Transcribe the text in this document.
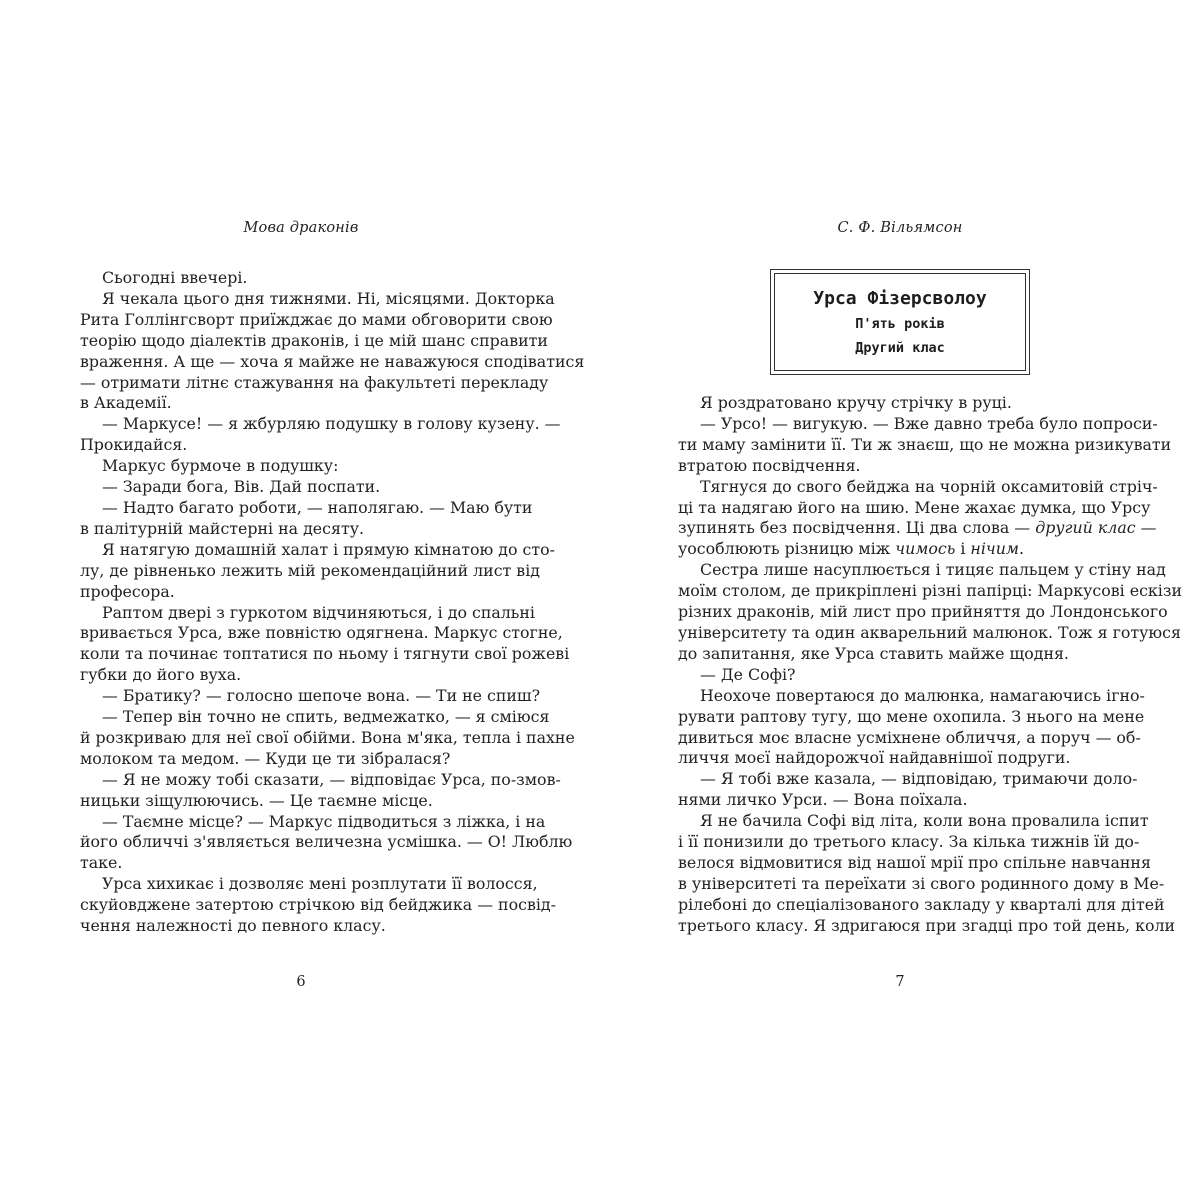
Мова драконів

Сьогодні ввечері.

Я чекала цього дня тижнями. Ні, місяцями. Докторка
Рита Голлінгсворт приїжджає до мами обговорити свою
теорію щодо діалектів драконів, і це мій шанс справити
враження. А ще — хоча я майже не наважуюся сподіватися
— отримати літнє стажування на факультеті перекладу
в Академії.

— Маркусе! — я жбурляю подушку в голову кузену. —
Прокидайся.

Маркус бурмоче в подушку:

— Заради бога, Вів. Дай поспати.

— Надто багато роботи, — наполягаю. — Маю бути
в палітурній майстерні на десяту.

Я натягую домашній халат і прямую кімнатою до сто-
лу, де рівненько лежить мій рекомендаційний лист від
професора.

Раптом двері з гуркотом відчиняються, і до спальні
вривається Урса, вже повністю одягнена. Маркус стогне,
коли та починає топтатися по ньому і тягнути свої рожеві
губки до його вуха.

— Братику? — голосно шепоче вона. — Ти не спиш?

— Тепер він точно не спить, ведмежатко, — я сміюся
й розкриваю для неї свої обійми. Вона м'яка, тепла і пахне
молоком та медом. — Куди це ти зібралася?

— Я не можу тобі сказати, — відповідає Урса, по-змов-
ницьки зіщулюючись. — Це таємне місце.

— Таємне місце? — Маркус підводиться з ліжка, і на
його обличчі з'являється величезна усмішка. — О! Люблю
таке.

Урса хихикає і дозволяє мені розплутати її волосся,
скуйовджене затертою стрічкою від бейджика — посвід-
чення належності до певного класу.

6
С. Ф. Вільямсон
Урса Фізерсволоу
П'ять років
Другий клас

Я роздратовано кручу стрічку в руці.

— Урсо! — вигукую. — Вже давно треба було попроси-
ти маму замінити її. Ти ж знаєш, що не можна ризикувати
втратою посвідчення.

Тягнуся до свого бейджа на чорній оксамитовій стріч-
ці та надягаю його на шию. Мене жахає думка, що Урсу
зупинять без посвідчення. Ці два слова — другий клас —
уособлюють різницю між чимось і нічим.

Сестра лише насуплюється і тицяє пальцем у стіну над
моїм столом, де прикріплені різні папірці: Маркусові ескізи
різних драконів, мій лист про прийняття до Лондонського
університету та один акварельний малюнок. Тож я готуюся
до запитання, яке Урса ставить майже щодня.

— Де Софі?

Неохоче повертаюся до малюнка, намагаючись ігно-
рувати раптову тугу, що мене охопила. З нього на мене
дивиться моє власне усміхнене обличчя, а поруч — об-
личчя моєї найдорожчої найдавнішої подруги.

— Я тобі вже казала, — відповідаю, тримаючи доло-
нями личко Урси. — Вона поїхала.

Я не бачила Софі від літа, коли вона провалила іспит
і її понизили до третього класу. За кілька тижнів їй до-
велося відмовитися від нашої мрії про спільне навчання
в університеті та переїхати зі свого родинного дому в Ме-
рілебоні до спеціалізованого закладу у кварталі для дітей
третього класу. Я здригаюся при згадці про той день, коли

7
